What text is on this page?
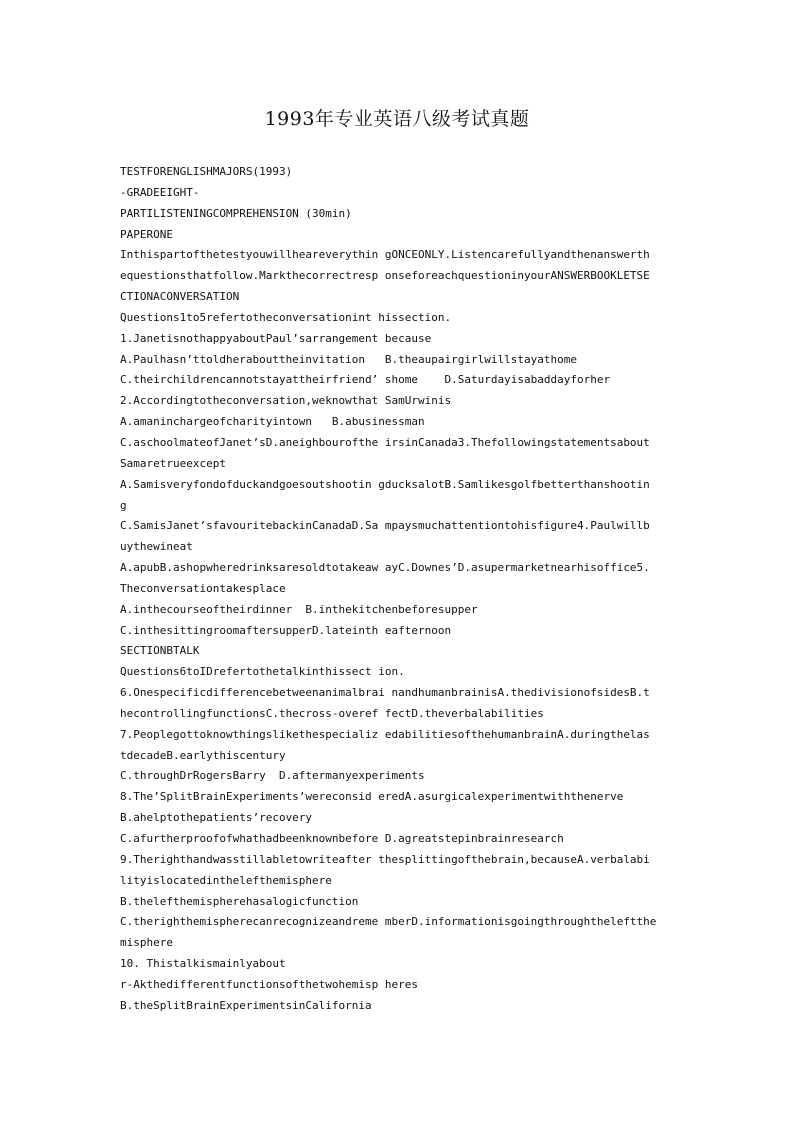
1993年专业英语八级考试真题
TESTFORENGLISHMAJORS(1993)
-GRADEEIGHT-
PARTILISTENINGCOMPREHENSION (30min)
PAPERONE
Inthispartofthetestyouwillheareverythin gONCEONLY.Listencarefullyandthenanswerth
equestionsthatfollow.Markthecorrectresp onseforeachquestioninyourANSWERBOOKLETSE
CTIONACONVERSATION
Questions1to5refertotheconversationint hissection.
1.JanetisnothappyaboutPaul’sarrangement because
A.Paulhasn’ttoldherabouttheinvitation   B.theaupairgirlwillstayathome
C.theirchildrencannotstayattheirfriend’ shome    D.Saturdayisabaddayforher
2.Accordingtotheconversation,weknowthat SamUrwinis
A.amaninchargeofcharityintown   B.abusinessman
C.aschoolmateofJanet’sD.aneighbourofthe irsinCanada3.Thefollowingstatementsabout
Samaretrueexcept
A.Samisveryfondofduckandgoesoutshootin gducksalotB.Samlikesgolfbetterthanshootin
g
C.SamisJanet’sfavouritebackinCanadaD.Sa mpaysmuchattentiontohisfigure4.Paulwillb
uythewineat
A.apubB.ashopwheredrinksaresoldtotakeaw ayC.Downes’D.asupermarketnearhisoffice5.
Theconversationtakesplace
A.inthecourseoftheirdinner  B.inthekitchenbeforesupper
C.inthesittingroomaftersupperD.lateinth eafternoon
SECTIONBTALK
Questions6toIDrefertothetalkinthissect ion.
6.Onespecificdifferencebetweenanimalbrai nandhumanbrainisA.thedivisionofsidesB.t
hecontrollingfunctionsC.thecross-overef fectD.theverbalabilities
7.Peoplegottoknowthingslikethespecializ edabilitiesofthehumanbrainA.duringthelas
tdecadeB.earlythiscentury
C.throughDrRogersBarry  D.aftermanyexperiments
8.The’SplitBrainExperiments’wereconsid eredA.asurgicalexperimentwiththenerve
B.ahelptothepatients’recovery
C.afurtherproofofwhathadbeenknownbefore D.agreatstepinbrainresearch
9.Therighthandwasstillabletowriteafter thesplittingofthebrain,becauseA.verbalabi
lityislocatedinthelefthemisphere
B.thelefthemispherehasalogicfunction
C.therighthemispherecanrecognizeandreme mberD.informationisgoingthroughtheleftthe
misphere
10. Thistalkismainlyabout
r-Akthedifferentfunctionsofthetwohemisp heres
B.theSplitBrainExperimentsinCalifornia
